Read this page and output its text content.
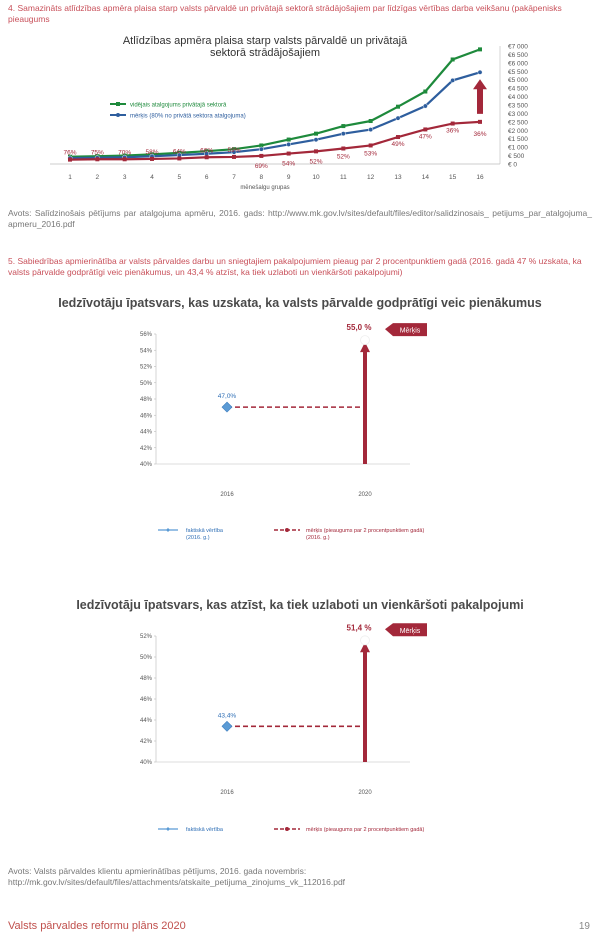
4. Samazināts atlīdzības apmēra plaisa starp valsts pārvaldē un privātajā sektorā strādājošajiem par līdzīgas vērtības darba veikšanu (pakāpenisks pieaugums
Atlīdzības apmēra plaisa starp valsts pārvaldē un privātajā sektorā strādājošajiem
€ 0
€ 500
€1 000
€1 500
€2 000
€2 500
€3 000
€3 500
€4 000
€4 500
€5 000
€5 500
€6 000
€6 500
€7 000
1	2	3	4	5	6	7	8	9	10	11	12	13	14	15	16
mēnešalgu grupas
76% 75% 70% 58% 64% 66% 59%
69% 54% 52%
52% 53%
49%
47%
36% 36%
vidējais atalgojums privātajā sektorā
mērķis (80% no privātā sektora atalgojuma)
Avots: Salīdzinošais pētījums par atalgojuma apmēru, 2016. gads: http://www.mk.gov.lv/sites/default/files/editor/salidzinosais_ petijums_par_atalgojuma_ apmeru_2016.pdf
5. Sabiedrības apmierinātība ar valsts pārvaldes darbu un sniegtajiem pakalpojumiem pieaug par 2 procentpunktiem gadā (2016. gadā 47 % uzskata, ka valsts pārvalde godprātīgi veic pienākumus, un 43,4 % atzīst, ka tiek uzlaboti un vienkāršoti pakalpojumi)
Iedzīvotāju īpatsvars, kas uzskata, ka valsts pārvalde godprātīgi veic pienākumus
40%
42%
44%
46%
48%
50%
52%
54%
56%
2016	2020
55,0 %
47,0%
Mērķis
faktiskā vērtība (2016. g.)
mērķis (pieaugums par 2 procentpunktiem gadā) (2016. g.)
Iedzīvotāju īpatsvars, kas atzīst, ka tiek uzlaboti un vienkāršoti pakalpojumi
40%
42%
44%
46%
48%
50%
52%
2016	2020
51,4 %
43,4%
Mērķis
faktiskā vērtība	mērķis (pieaugums par 2 procentpunktiem gadā)
Avots: Valsts pārvaldes klientu apmierinātības pētījums, 2016. gada novembris:
http://mk.gov.lv/sites/default/files/attachments/atskaite_petijuma_zinojums_vk_112016.pdf
Valsts pārvaldes reformu plāns 2020	19
